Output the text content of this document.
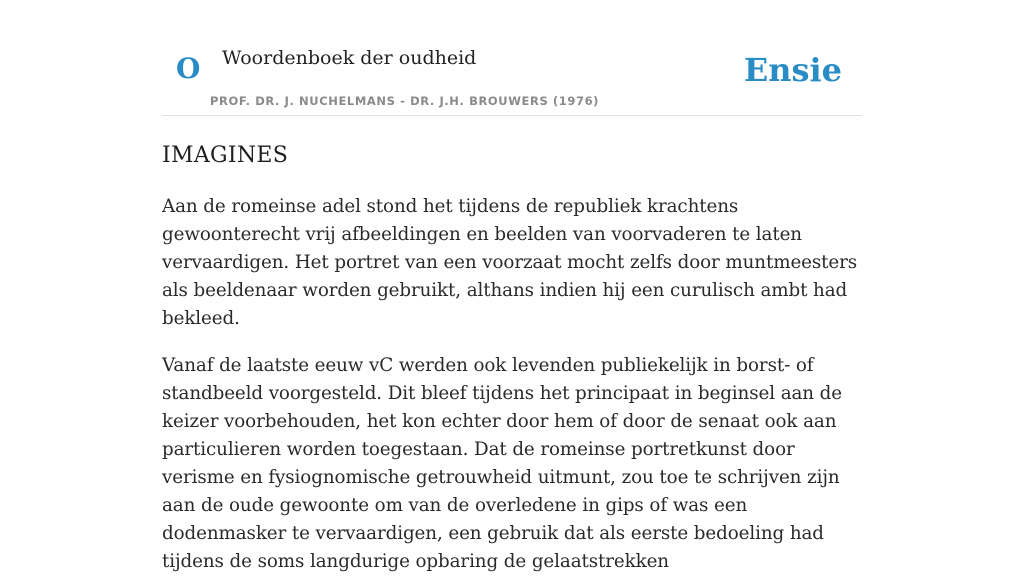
O Woordenboek der oudheid	Ensie
PROF. DR. J. NUCHELMANS - DR. J.H. BROUWERS (1976)
IMAGINES

Aan de romeinse adel stond het tijdens de republiek krachtens gewoonterecht vrij afbeeldingen en beelden van voorvaderen te laten vervaardigen. Het portret van een voorzaat mocht zelfs door muntmeesters als beeldenaar worden gebruikt, althans indien hij een curulisch ambt had bekleed.

Vanaf de laatste eeuw vC werden ook levenden publiekelijk in borst- of standbeeld voorgesteld. Dit bleef tijdens het principaat in beginsel aan de keizer voorbehouden, het kon echter door hem of door de senaat ook aan particulieren worden toegestaan. Dat de romeinse portretkunst door verisme en fysiognomische getrouwheid uitmunt, zou toe te schrijven zijn aan de oude gewoonte om van de overledene in gips of was een dodenmasker te vervaardigen, een gebruik dat als eerste bedoeling had tijdens de soms langdurige opbaring de gelaatstrekken
